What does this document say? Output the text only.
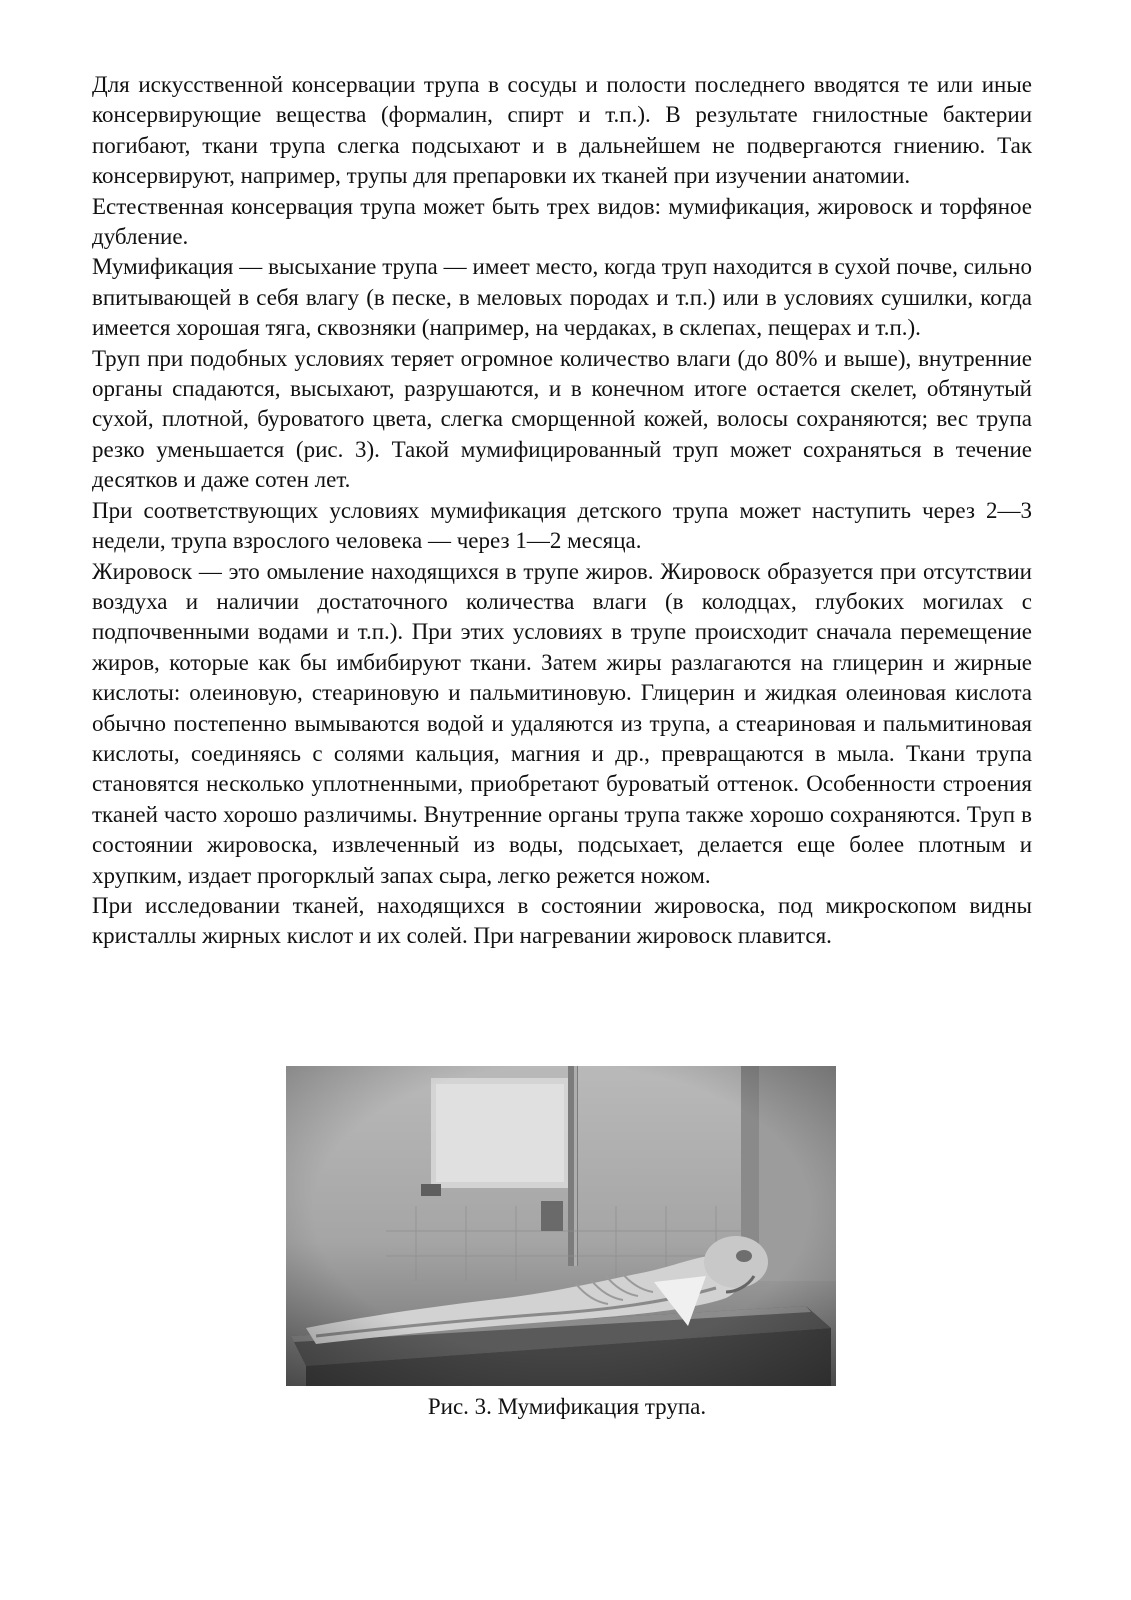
Для искусственной консервации трупа в сосуды и полости последнего вводятся те или иные консервирующие вещества (формалин, спирт и т.п.). В результате гнилостные бактерии погибают, ткани трупа слегка подсыхают и в дальнейшем не подвергаются гниению. Так консервируют, например, трупы для препаровки их тканей при изучении анатомии.

Естественная консервация трупа может быть трех видов: мумификация, жировоск и торфяное дубление.

Мумификация — высыхание трупа — имеет место, когда труп находится в сухой почве, сильно впитывающей в себя влагу (в песке, в меловых породах и т.п.) или в условиях сушилки, когда имеется хорошая тяга, сквозняки (например, на чердаках, в склепах, пещерах и т.п.).

Труп при подобных условиях теряет огромное количество влаги (до 80% и выше), внутренние органы спадаются, высыхают, разрушаются, и в конечном итоге остается скелет, обтянутый сухой, плотной, буроватого цвета, слегка сморщенной кожей, волосы сохраняются; вес трупа резко уменьшается (рис. 3). Такой мумифицированный труп может сохраняться в течение десятков и даже сотен лет.

При соответствующих условиях мумификация детского трупа может наступить через 2—3 недели, трупа взрослого человека — через 1—2 месяца.

Жировоск — это омыление находящихся в трупе жиров. Жировоск образуется при отсутствии воздуха и наличии достаточного количества влаги (в колодцах, глубоких могилах с подпочвенными водами и т.п.). При этих условиях в трупе происходит сначала перемещение жиров, которые как бы имбибируют ткани. Затем жиры разлагаются на глицерин и жирные кислоты: олеиновую, стеариновую и пальмитиновую. Глицерин и жидкая олеиновая кислота обычно постепенно вымываются водой и удаляются из трупа, а стеариновая и пальмитиновая кислоты, соединяясь с солями кальция, магния и др., превращаются в мыла. Ткани трупа становятся несколько уплотненными, приобретают буроватый оттенок. Особенности строения тканей часто хорошо различимы. Внутренние органы трупа также хорошо сохраняются. Труп в состоянии жировоска, извлеченный из воды, подсыхает, делается еще более плотным и хрупким, издает прогорклый запах сыра, легко режется ножом.

При исследовании тканей, находящихся в состоянии жировоска, под микроскопом видны кристаллы жирных кислот и их солей. При нагревании жировоск плавится.

Рис. 3. Мумификация трупа.
